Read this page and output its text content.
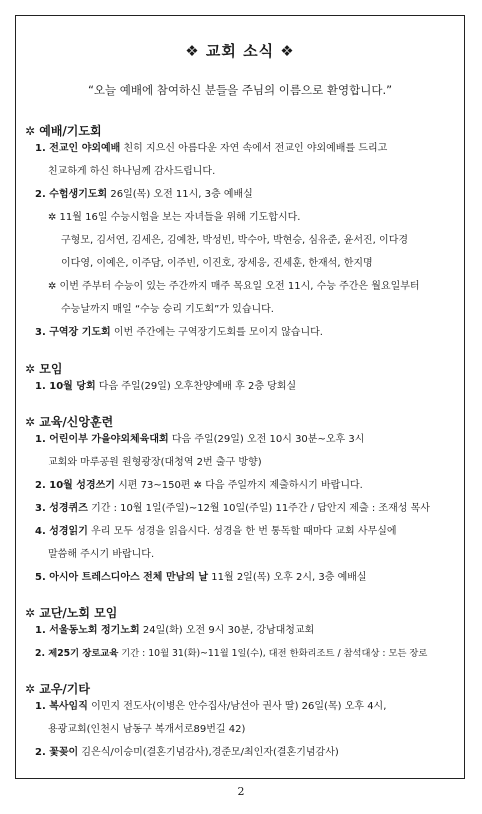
❖ 교회 소식 ❖
“오늘 예배에 참여하신 분들을 주님의 이름으로 환영합니다.”
✲ 예배/기도회
1. 전교인 야외예배 친히 지으신 아름다운 자연 속에서 전교인 야외예배를 드리고
친교하게 하신 하나님께 감사드립니다.
2. 수험생기도회 26일(목) 오전 11시, 3층 예배실
✲ 11월 16일 수능시험을 보는 자녀들을 위해 기도합시다.
구형모, 김서연, 김세은, 김예찬, 박성빈, 박수아, 박현승, 심유준, 윤서진, 이다경
이다영, 이예은, 이주담, 이주빈, 이진호, 장세응, 진세훈, 한재석, 한지명
✲ 이번 주부터 수능이 있는 주간까지 매주 목요일 오전 11시, 수능 주간은 월요일부터
수능날까지 매일 “수능 승리 기도회”가 있습니다.
3. 구역장 기도회 이번 주간에는 구역장기도회를 모이지 않습니다.
✲ 모임
1. 10월 당회 다음 주일(29일) 오후찬양예배 후 2층 당회실
✲ 교육/신앙훈련
1. 어린이부 가을야외체육대회 다음 주일(29일) 오전 10시 30분~오후 3시
교회와 마루공원 원형광장(대청역 2번 출구 방향)
2. 10월 성경쓰기 시편 73~150편 ✲ 다음 주일까지 제출하시기 바랍니다.
3. 성경퀴즈 기간 : 10월 1일(주일)~12월 10일(주일) 11주간 / 답안지 제출 : 조재성 목사
4. 성경읽기 우리 모두 성경을 읽읍시다. 성경을 한 번 통독할 때마다 교회 사무실에
말씀해 주시기 바랍니다.
5. 아시아 트레스디아스 전체 만남의 날 11월 2일(목) 오후 2시, 3층 예배실
✲ 교단/노회 모임
1. 서울동노회 정기노회 24일(화) 오전 9시 30분, 강남대청교회
2. 제25기 장로교육 기간 : 10월 31(화)~11월 1일(수), 대전 한화리조트 / 참석대상 : 모든 장로
✲ 교우/기타
1. 복사임직 이민지 전도사(이병은 안수집사/남선아 권사 딸) 26일(목) 오후 4시,
용광교회(인천시 남동구 복개서로89번길 42)
2. 꽃꽂이 김은식/이승미(결혼기념감사),경준모/최인자(결혼기념감사)
2
